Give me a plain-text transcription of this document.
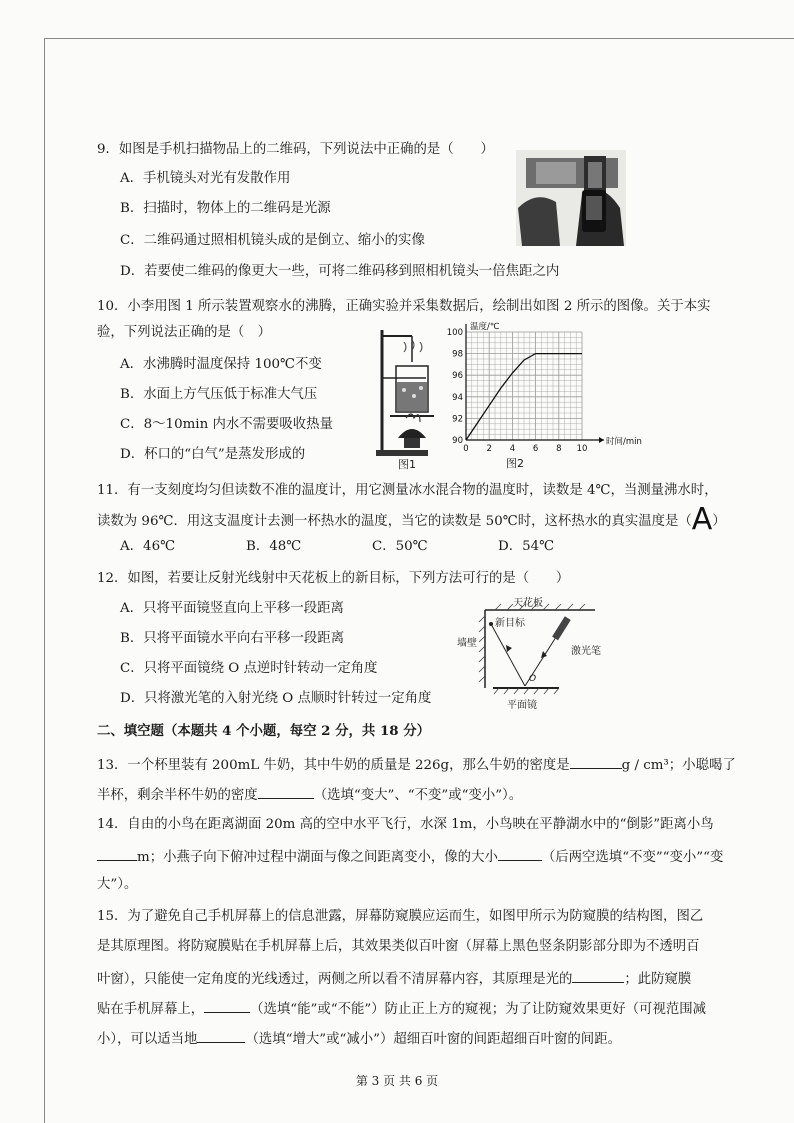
9．如图是手机扫描物品上的二维码，下列说法中正确的是（　　）
A．手机镜头对光有发散作用
B．扫描时，物体上的二维码是光源
C．二维码通过照相机镜头成的是倒立、缩小的实像
D．若要使二维码的像更大一些，可将二维码移到照相机镜头一倍焦距之内
10．小李用图 1 所示装置观察水的沸腾，正确实验并采集数据后，绘制出如图 2 所示的图像。关于本实
验，下列说法正确的是（　）
A．水沸腾时温度保持 100℃不变
B．水面上方气压低于标准大气压
C．8～10min 内水不需要吸收热量
D．杯口的“白气”是蒸发形成的
图1
0 2 4 6 8 10
90
92
94
96
98
100
温度/℃
时间/min
图2
11．有一支刻度均匀但读数不准的温度计，用它测量冰水混合物的温度时，读数是 4℃，当测量沸水时，
读数为 96℃．用这支温度计去测一杯热水的温度，当它的读数是 50℃时，这杯热水的真实温度是（A）
A．46℃	B．48℃	C．50℃	D．54℃
12．如图，若要让反射光线射中天花板上的新目标，下列方法可行的是（　　）
A．只将平面镜竖直向上平移一段距离
B．只将平面镜水平向右平移一段距离
C．只将平面镜绕 O 点逆时针转动一定角度
D．只将激光笔的入射光绕 O 点顺时针转过一定角度
天花板
新目标
墙壁
激光笔
O
平面镜
二、填空题（本题共 4 个小题，每空 2 分，共 18 分）
13．一个杯里装有 200mL 牛奶，其中牛奶的质量是 226g，那么牛奶的密度是	g / cm³；小聪喝了
半杯，剩余半杯牛奶的密度	（选填“变大”、“不变”或“变小”）。
14．自由的小鸟在距离湖面 20m 高的空中水平飞行，水深 1m，小鸟映在平静湖水中的“倒影”距离小鸟
m；小燕子向下俯冲过程中湖面与像之间距离变小，像的大小	（后两空选填“不变”“变小”“变
大”）。
15．为了避免自己手机屏幕上的信息泄露，屏幕防窥膜应运而生，如图甲所示为防窥膜的结构图，图乙
是其原理图。将防窥膜贴在手机屏幕上后，其效果类似百叶窗（屏幕上黑色竖条阴影部分即为不透明百
叶窗），只能使一定角度的光线透过，两侧之所以看不清屏幕内容，其原理是光的	；此防窥膜
贴在手机屏幕上，	（选填“能”或“不能”）防止正上方的窥视；为了让防窥效果更好（可视范围减
小），可以适当地	（选填“增大”或“减小”）超细百叶窗的间距超细百叶窗的间距。
第 3 页 共 6 页
